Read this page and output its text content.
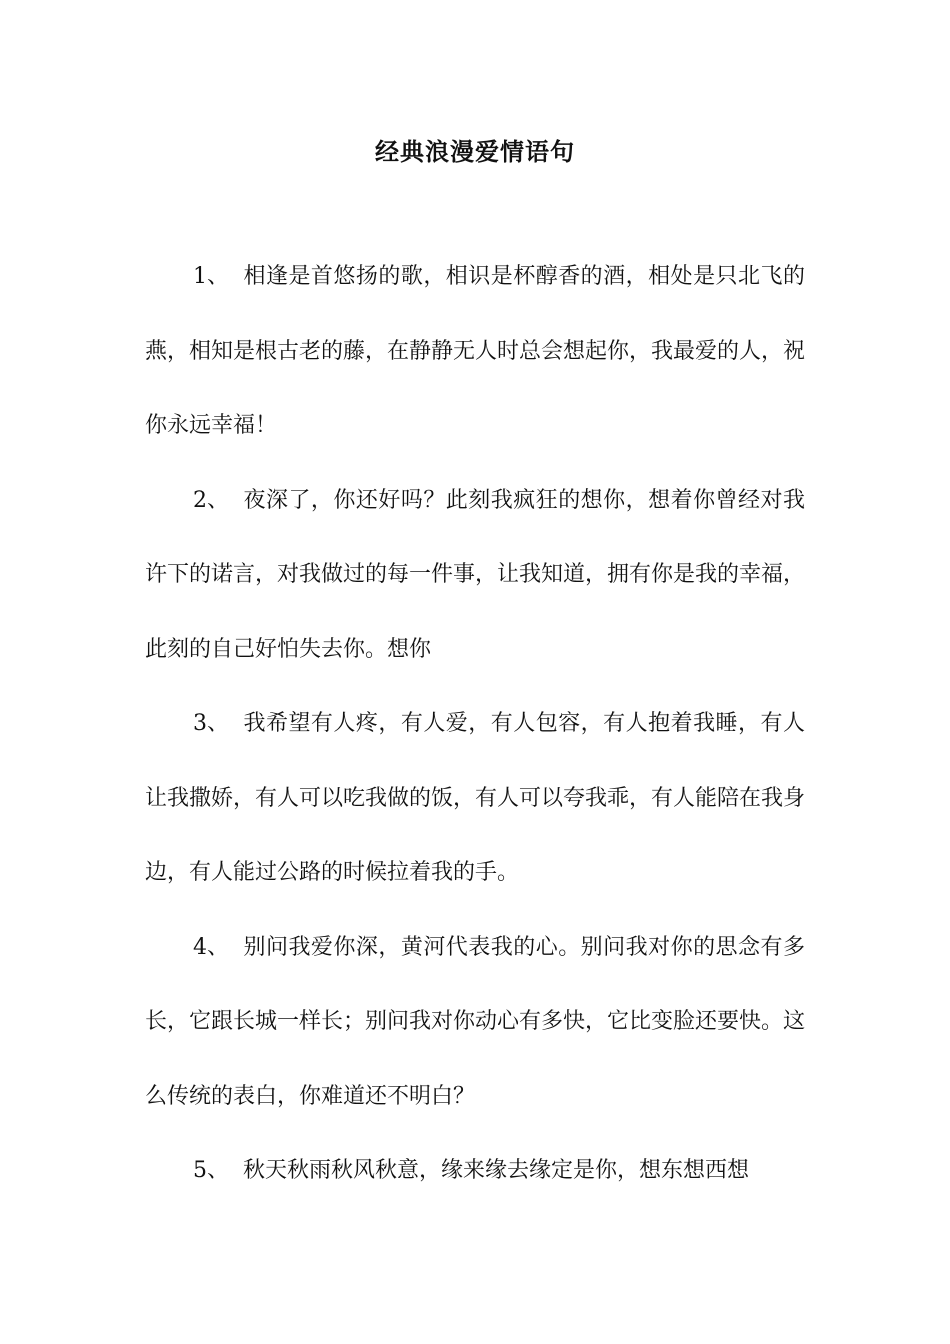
经典浪漫爱情语句

1、 相逢是首悠扬的歌，相识是杯醇香的酒，相处是只北飞的燕，相知是根古老的藤，在静静无人时总会想起你，我最爱的人，祝你永远幸福！

2、 夜深了，你还好吗？此刻我疯狂的想你，想着你曾经对我许下的诺言，对我做过的每一件事，让我知道，拥有你是我的幸福，此刻的自己好怕失去你。想你

3、 我希望有人疼，有人爱，有人包容，有人抱着我睡，有人让我撒娇，有人可以吃我做的饭，有人可以夸我乖，有人能陪在我身边，有人能过公路的时候拉着我的手。

4、 别问我爱你深，黄河代表我的心。别问我对你的思念有多长，它跟长城一样长；别问我对你动心有多快，它比变脸还要快。这么传统的表白，你难道还不明白？

5、 秋天秋雨秋风秋意，缘来缘去缘定是你，想东想西想
